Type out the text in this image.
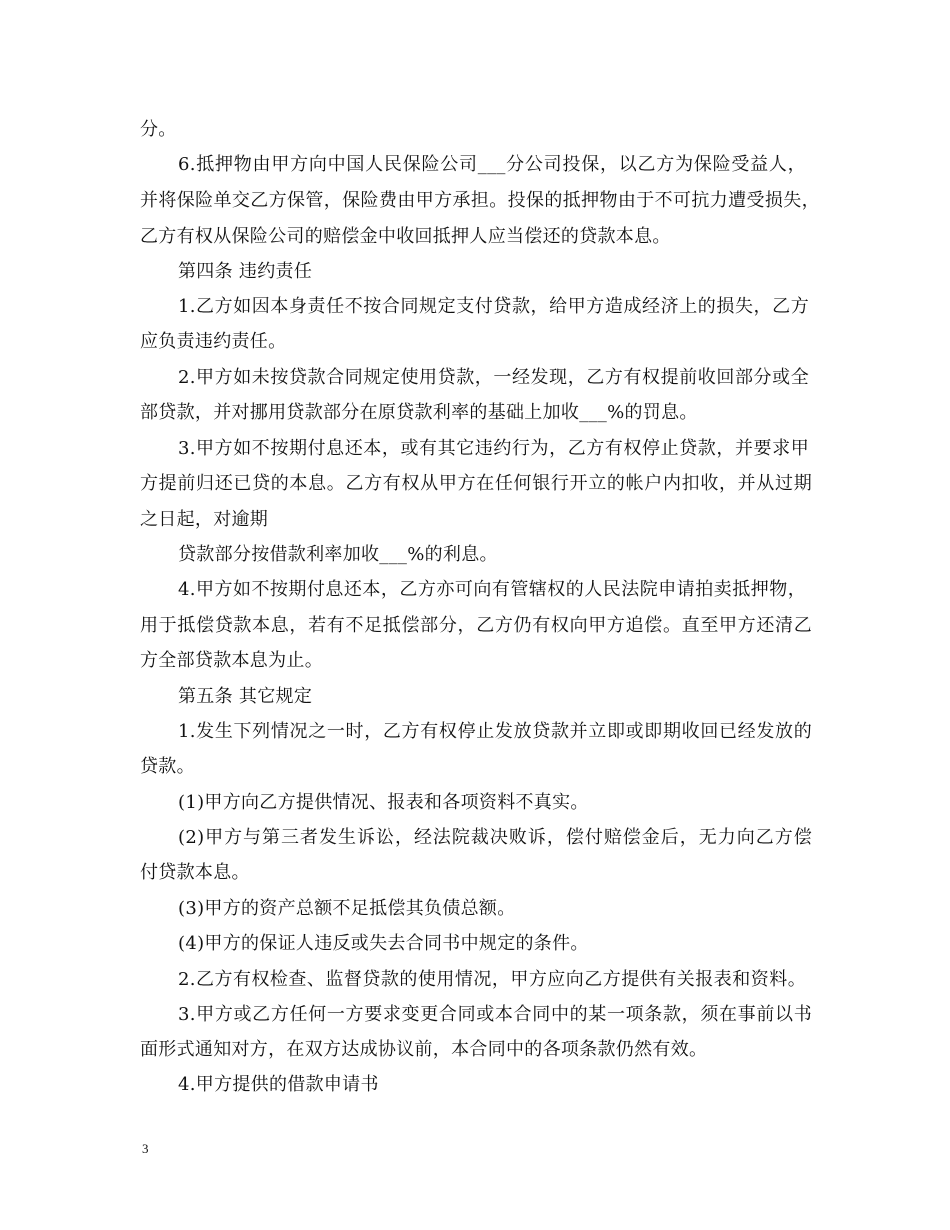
分。
6.抵押物由甲方向中国人民保险公司___分公司投保，以乙方为保险受益人，
并将保险单交乙方保管，保险费由甲方承担。投保的抵押物由于不可抗力遭受损失，
乙方有权从保险公司的赔偿金中收回抵押人应当偿还的贷款本息。
第四条 违约责任
1.乙方如因本身责任不按合同规定支付贷款，给甲方造成经济上的损失，乙方
应负责违约责任。
2.甲方如未按贷款合同规定使用贷款，一经发现，乙方有权提前收回部分或全
部贷款，并对挪用贷款部分在原贷款利率的基础上加收___%的罚息。
3.甲方如不按期付息还本，或有其它违约行为，乙方有权停止贷款，并要求甲
方提前归还已贷的本息。乙方有权从甲方在任何银行开立的帐户内扣收，并从过期
之日起，对逾期
贷款部分按借款利率加收___%的利息。
4.甲方如不按期付息还本，乙方亦可向有管辖权的人民法院申请拍卖抵押物，
用于抵偿贷款本息，若有不足抵偿部分，乙方仍有权向甲方追偿。直至甲方还清乙
方全部贷款本息为止。
第五条 其它规定
1.发生下列情况之一时，乙方有权停止发放贷款并立即或即期收回已经发放的
贷款。
(1)甲方向乙方提供情况、报表和各项资料不真实。
(2)甲方与第三者发生诉讼，经法院裁决败诉，偿付赔偿金后，无力向乙方偿
付贷款本息。
(3)甲方的资产总额不足抵偿其负债总额。
(4)甲方的保证人违反或失去合同书中规定的条件。
2.乙方有权检查、监督贷款的使用情况，甲方应向乙方提供有关报表和资料。
3.甲方或乙方任何一方要求变更合同或本合同中的某一项条款，须在事前以书
面形式通知对方，在双方达成协议前，本合同中的各项条款仍然有效。
4.甲方提供的借款申请书
3
